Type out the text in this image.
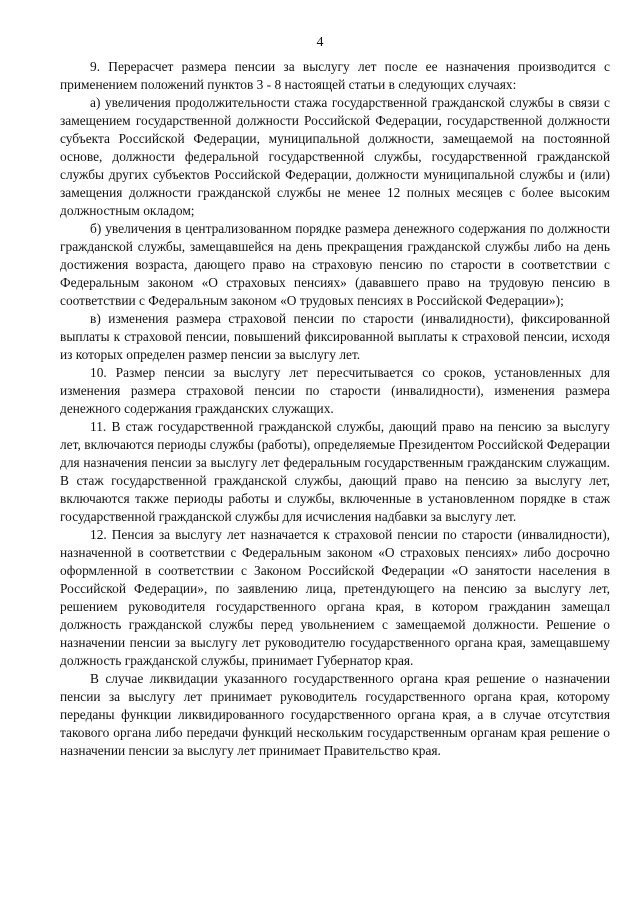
4

9. Перерасчет размера пенсии за выслугу лет после ее назначения производится с применением положений пунктов 3 - 8 настоящей статьи в следующих случаях:

а) увеличения продолжительности стажа государственной гражданской службы в связи с замещением государственной должности Российской Федерации, государственной должности субъекта Российской Федерации, муниципальной должности, замещаемой на постоянной основе, должности федеральной государственной службы, государственной гражданской службы других субъектов Российской Федерации, должности муниципальной службы и (или) замещения должности гражданской службы не менее 12 полных месяцев с более высоким должностным окладом;

б) увеличения в централизованном порядке размера денежного содержания по должности гражданской службы, замещавшейся на день прекращения гражданской службы либо на день достижения возраста, дающего право на страховую пенсию по старости в соответствии с Федеральным законом «О страховых пенсиях» (дававшего право на трудовую пенсию в соответствии с Федеральным законом «О трудовых пенсиях в Российской Федерации»);

в) изменения размера страховой пенсии по старости (инвалидности), фиксированной выплаты к страховой пенсии, повышений фиксированной выплаты к страховой пенсии, исходя из которых определен размер пенсии за выслугу лет.

10. Размер пенсии за выслугу лет пересчитывается со сроков, установленных для изменения размера страховой пенсии по старости (инвалидности), изменения размера денежного содержания гражданских служащих.

11. В стаж государственной гражданской службы, дающий право на пенсию за выслугу лет, включаются периоды службы (работы), определяемые Президентом Российской Федерации для назначения пенсии за выслугу лет федеральным государственным гражданским служащим. В стаж государственной гражданской службы, дающий право на пенсию за выслугу лет, включаются также периоды работы и службы, включенные в установленном порядке в стаж государственной гражданской службы для исчисления надбавки за выслугу лет.

12. Пенсия за выслугу лет назначается к страховой пенсии по старости (инвалидности), назначенной в соответствии с Федеральным законом «О страховых пенсиях» либо досрочно оформленной в соответствии с Законом Российской Федерации «О занятости населения в Российской Федерации», по заявлению лица, претендующего на пенсию за выслугу лет, решением руководителя государственного органа края, в котором гражданин замещал должность гражданской службы перед увольнением с замещаемой должности. Решение о назначении пенсии за выслугу лет руководителю государственного органа края, замещавшему должность гражданской службы, принимает Губернатор края.

В случае ликвидации указанного государственного органа края решение о назначении пенсии за выслугу лет принимает руководитель государственного органа края, которому переданы функции ликвидированного государственного органа края, а в случае отсутствия такового органа либо передачи функций нескольким государственным органам края решение о назначении пенсии за выслугу лет принимает Правительство края.
